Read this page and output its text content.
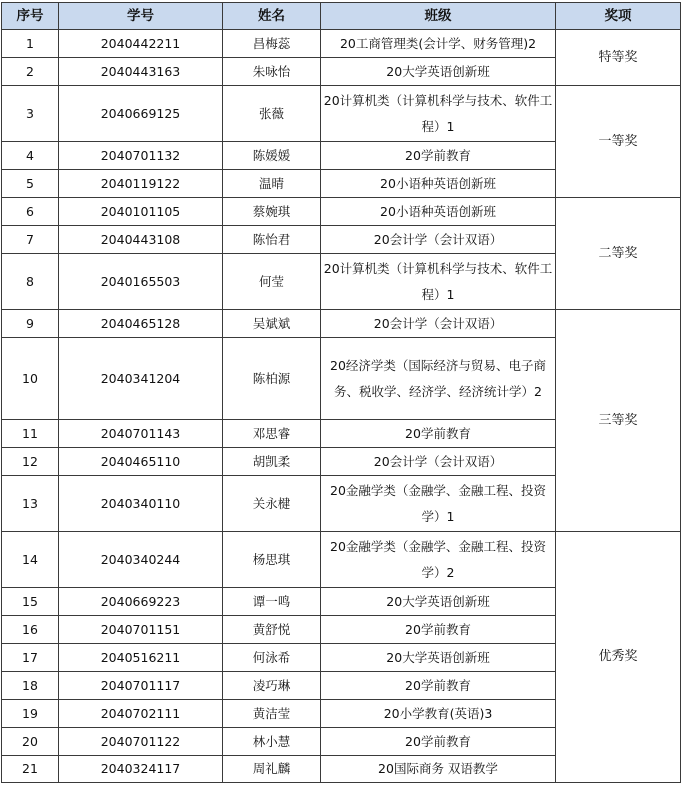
序号	学号	姓名	班级	奖项
1	2040442211	昌梅蕊	20工商管理类(会计学、财务管理)2	特等奖
2	2040443163	朱咏怡	20大学英语创新班	
3	2040669125	张薇	20计算机类（计算机科学与技术、软件工程）1	一等奖
4	2040701132	陈媛媛	20学前教育	
5	2040119122	温晴	20小语种英语创新班	
6	2040101105	蔡婉琪	20小语种英语创新班	二等奖
7	2040443108	陈怡君	20会计学（会计双语）	
8	2040165503	何莹	20计算机类（计算机科学与技术、软件工程）1	
9	2040465128	吴斌斌	20会计学（会计双语）	三等奖
10	2040341204	陈柏源	20经济学类（国际经济与贸易、电子商务、税收学、经济学、经济统计学）2	
11	2040701143	邓思睿	20学前教育	
12	2040465110	胡凯柔	20会计学（会计双语）	
13	2040340110	关永楗	20金融学类（金融学、金融工程、投资学）1	
14	2040340244	杨思琪	20金融学类（金融学、金融工程、投资学）2	优秀奖
15	2040669223	谭一鸣	20大学英语创新班	
16	2040701151	黄舒悦	20学前教育	
17	2040516211	何泳希	20大学英语创新班	
18	2040701117	凌巧琳	20学前教育	
19	2040702111	黄洁莹	20小学教育(英语)3	
20	2040701122	林小慧	20学前教育	
21	2040324117	周礼麟	20国际商务 双语教学	
